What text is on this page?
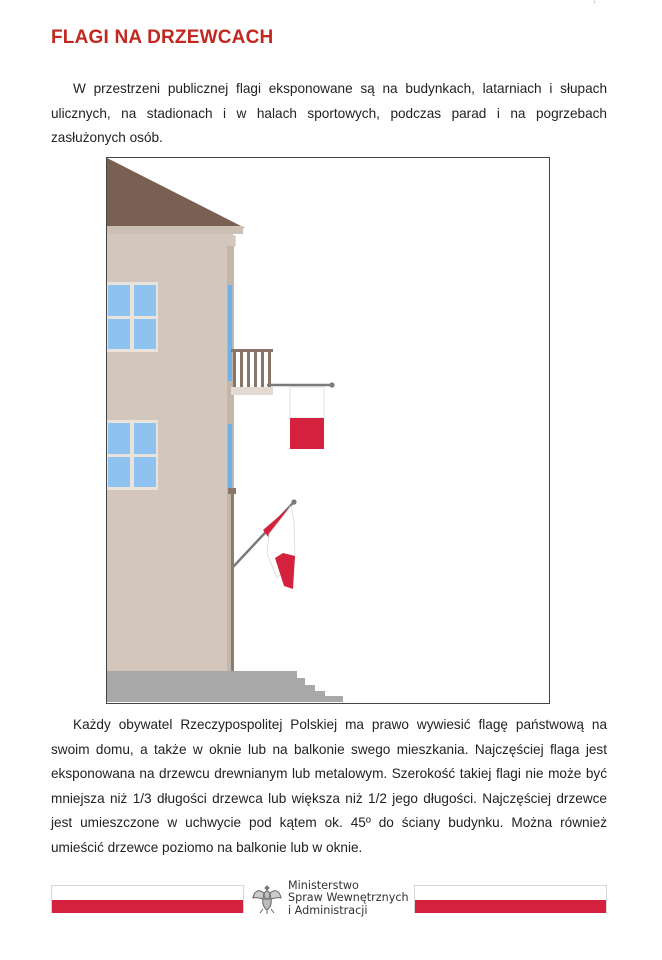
FLAGI NA DRZEWCACH
W przestrzeni publicznej flagi eksponowane są na budynkach, latarniach i słupach ulicznych, na stadionach i w halach sportowych, podczas parad i na pogrzebach zasłużonych osób.
Każdy obywatel Rzeczypospolitej Polskiej ma prawo wywiesić flagę państwową na swoim domu, a także w oknie lub na balkonie swego mieszkania. Najczęściej flaga jest eksponowana na drzewcu drewnianym lub metalowym. Szerokość takiej flagi nie może być mniejsza niż 1/3 długości drzewca lub większa niż 1/2 jego długości. Najczęściej drzewce jest umieszczone w uchwycie pod kątem ok. 45º do ściany budynku. Można również umieścić drzewce poziomo na balkonie lub w oknie.
Ministerstwo
Spraw Wewnętrznych
i Administracji
